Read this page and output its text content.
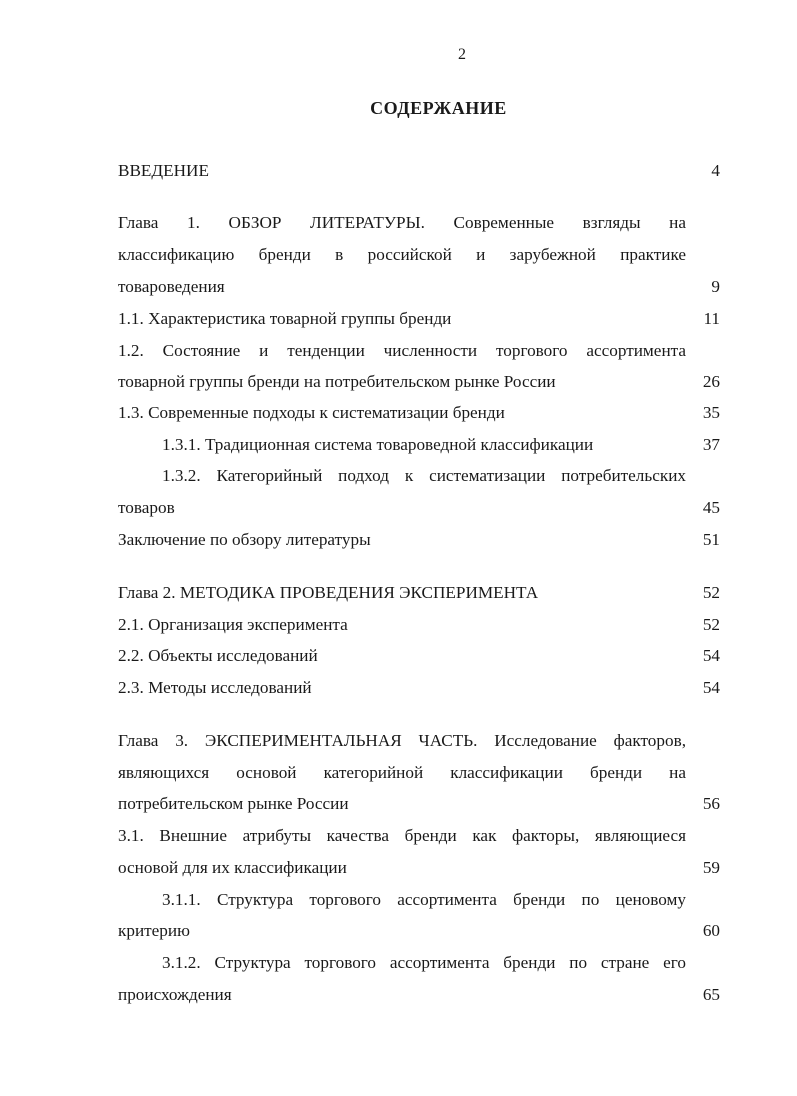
2
СОДЕРЖАНИЕ
ВВЕДЕНИЕ	4
Глава 1. ОБЗОР ЛИТЕРАТУРЫ. Современные взгляды на
классификацию бренди в российской и зарубежной практике
товароведения	9
1.1. Характеристика товарной группы бренди	11
1.2. Состояние и тенденции численности торгового ассортимента
товарной группы бренди на потребительском рынке России	26
1.3. Современные подходы к систематизации бренди	35
1.3.1. Традиционная система товароведной классификации	37
1.3.2. Категорийный подход к систематизации потребительских
товаров	45
Заключение по обзору литературы	51
Глава 2. МЕТОДИКА ПРОВЕДЕНИЯ ЭКСПЕРИМЕНТА	52
2.1. Организация эксперимента	52
2.2. Объекты исследований	54
2.3. Методы исследований	54
Глава 3. ЭКСПЕРИМЕНТАЛЬНАЯ ЧАСТЬ. Исследование факторов,
являющихся основой категорийной классификации бренди на
потребительском рынке России	56
3.1. Внешние атрибуты качества бренди как факторы, являющиеся
основой для их классификации	59
3.1.1. Структура торгового ассортимента бренди по ценовому
критерию	60
3.1.2. Структура торгового ассортимента бренди по стране его
происхождения	65
